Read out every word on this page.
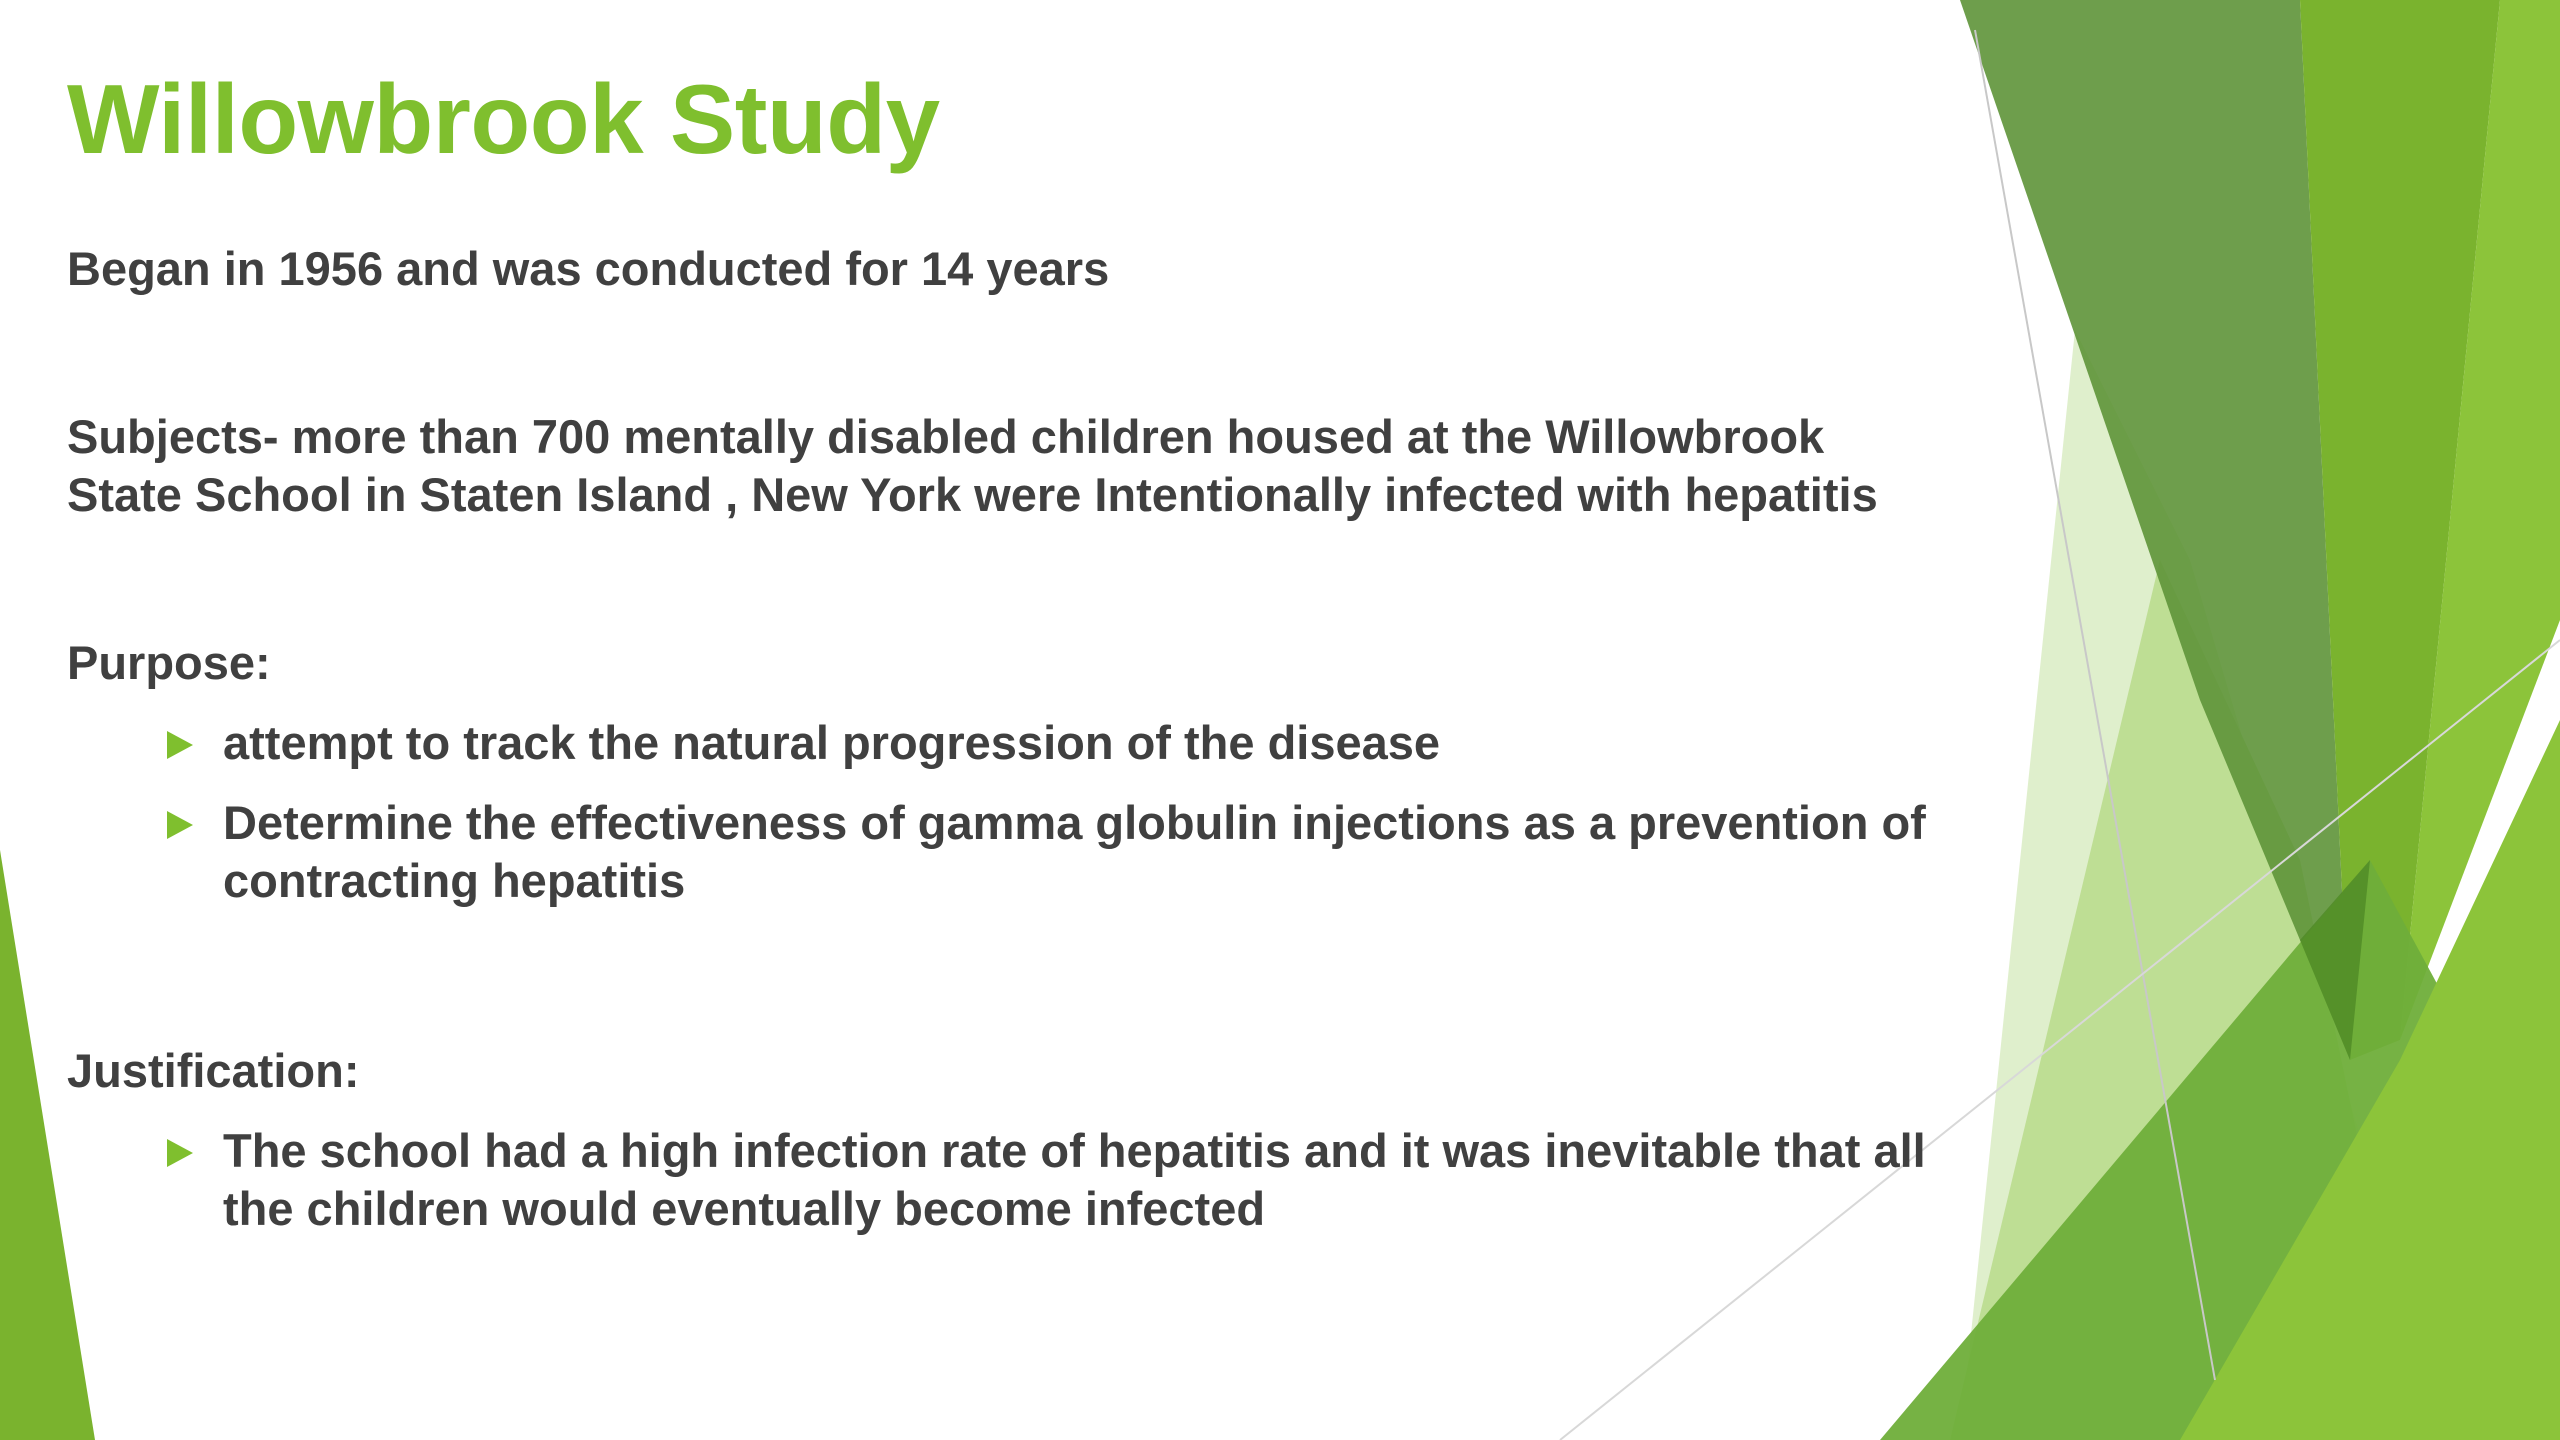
Willowbrook Study

Began in 1956 and was conducted for 14 years

Subjects- more than 700 mentally disabled children housed at the Willowbrook State School in Staten Island , New York were Intentionally infected with hepatitis

Purpose:

attempt to track the natural progression of the disease
Determine the effectiveness of gamma globulin injections as a prevention of contracting hepatitis

Justification:

The school had a high infection rate of hepatitis and it was inevitable that all the children would eventually become infected
